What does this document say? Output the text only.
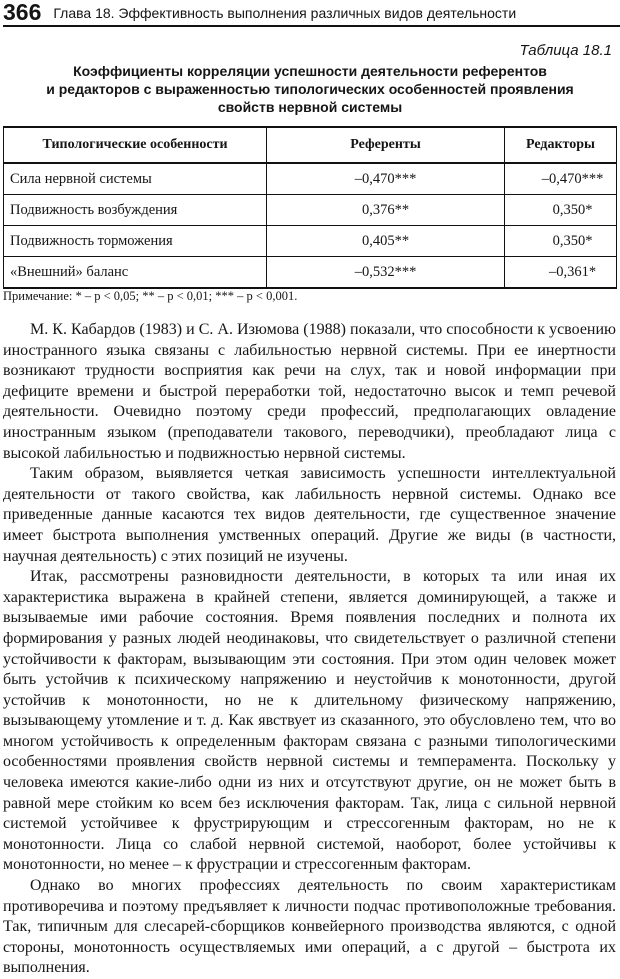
366 Глава 18. Эффективность выполнения различных видов деятельности
Таблица 18.1
Коэффициенты корреляции успешности деятельности референтов
и редакторов с выраженностью типологических особенностей проявления
свойств нервной системы
Типологические особенности	Референты	Редакторы
Сила нервной системы	–0,470***	–0,470***
Подвижность возбуждения	0,376**	0,350*
Подвижность торможения	0,405**	0,350*
«Внешний» баланс	–0,532***	–0,361*
Примечание: * – p < 0,05; ** – p < 0,01; *** – p < 0,001.

М. К. Кабардов (1983) и С. А. Изюмова (1988) показали, что способности к усвоению иностранного языка связаны с лабильностью нервной системы. При ее инертности возникают трудности восприятия как речи на слух, так и новой информации при дефиците времени и быстрой переработки той, недостаточно высок и темп речевой деятельности. Очевидно поэтому среди профессий, предполагающих овладение иностранным языком (преподаватели такового, переводчики), преобладают лица с высокой лабильностью и подвижностью нервной системы.

Таким образом, выявляется четкая зависимость успешности интеллектуальной деятельности от такого свойства, как лабильность нервной системы. Однако все приведенные данные касаются тех видов деятельности, где существенное значение имеет быстрота выполнения умственных операций. Другие же виды (в частности, научная деятельность) с этих позиций не изучены.

Итак, рассмотрены разновидности деятельности, в которых та или иная их характеристика выражена в крайней степени, является доминирующей, а также и вызываемые ими рабочие состояния. Время появления последних и полнота их формирования у разных людей неодинаковы, что свидетельствует о различной степени устойчивости к факторам, вызывающим эти состояния. При этом один человек может быть устойчив к психическому напряжению и неустойчив к монотонности, другой устойчив к монотонности, но не к длительному физическому напряжению, вызывающему утомление и т. д. Как явствует из сказанного, это обусловлено тем, что во многом устойчивость к определенным факторам связана с разными типологическими особенностями проявления свойств нервной системы и темперамента. Поскольку у человека имеются какие-либо одни из них и отсутствуют другие, он не может быть в равной мере стойким ко всем без исключения факторам. Так, лица с сильной нервной системой устойчивее к фрустрирующим и стрессогенным факторам, но не к монотонности. Лица со слабой нервной системой, наоборот, более устойчивы к монотонности, но менее – к фрустрации и стрессогенным факторам.

Однако во многих профессиях деятельность по своим характеристикам противоречива и поэтому предъявляет к личности подчас противоположные требования. Так, типичным для слесарей-сборщиков конвейерного производства являются, с одной стороны, монотонность осуществляемых ими операций, а с другой – быстрота их выполнения.
